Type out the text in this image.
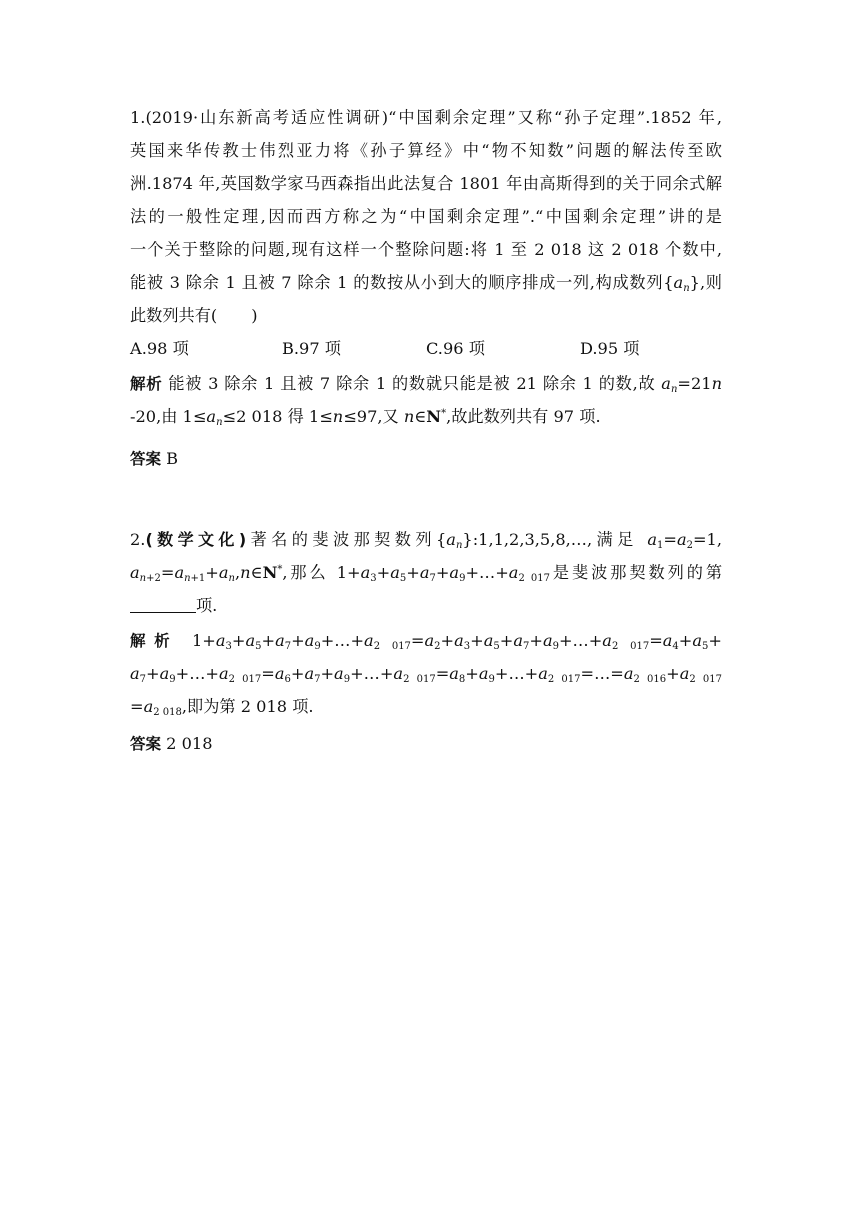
1.(2019·山东新高考适应性调研)“中国剩余定理”又称“孙子定理”.1852 年,
英国来华传教士伟烈亚力将《孙子算经》中“物不知数”问题的解法传至欧
洲.1874 年,英国数学家马西森指出此法复合 1801 年由高斯得到的关于同余式解
法的一般性定理,因而西方称之为“中国剩余定理”.“中国剩余定理”讲的是
一个关于整除的问题,现有这样一个整除问题:将 1 至 2 018 这 2 018 个数中,
能被 3 除余 1 且被 7 除余 1 的数按从小到大的顺序排成一列,构成数列$\{a_n\}$,则
此数列共有( )
A.98 项	B.97 项	C.96 项	D.95 项
解析 能被 3 除余 1 且被 7 除余 1 的数就只能是被 21 除余 1 的数,故 $a_n=21n$
-20,由 $1\le a_n\le 2$ 018 得 1≤n≤97,又 n∈N*,故此数列共有 97 项.
答案 B
2.(数学文化)著名的斐波那契数列$\{a_n\}:1,1,2,3,5,8,\dots$,满足 $a_1=a_2=1$,
$a_{n+2}=a_{n+1}+a_n,n\in N^*$,那么 $1+a_3+a_5+a_7+a_9+\dots+a_{2 017}$是斐波那契数列的第
项.
解析 $1+a_3+a_5+a_7+a_9+\dots+a_{2 017}=a_2+a_3+a_5+a_7+a_9+\dots+a_{2 017}=a_4+a_5+$
$a_7+a_9+\dots+a_{2 017}=a_6+a_7+a_9+\dots+a_{2 017}=a_8+a_9+\dots+a_{2 017}=\dots=a_{2 016}+a_{2 017}$
$=a_{2 018}$,即为第 2 018 项.
答案 2 018
